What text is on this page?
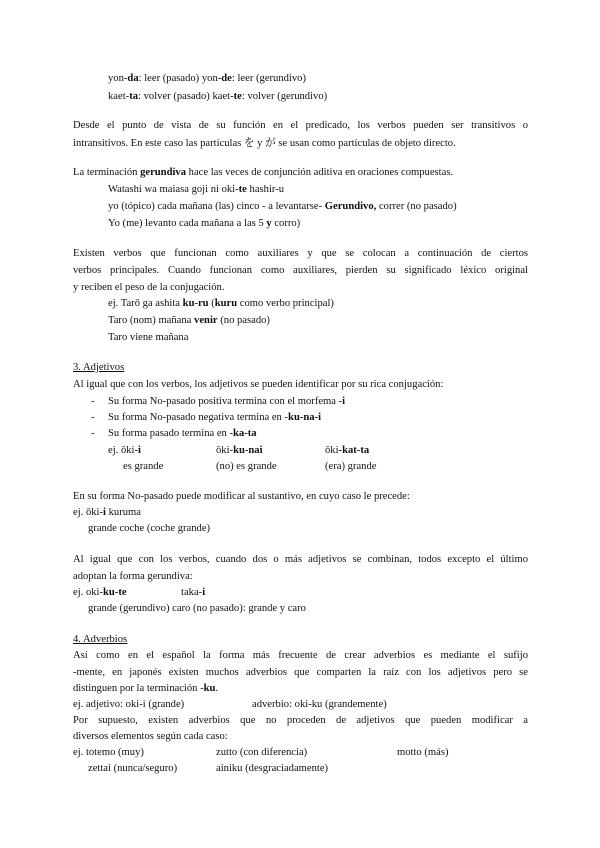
yon-da: leer (pasado) yon-de: leer (gerundivo)
kaet-ta: volver (pasado) kaet-te: volver (gerundivo)
Desde el punto de vista de su función en el predicado, los verbos pueden ser transitivos o
intransitivos. En este caso las partículas を y が se usan como partículas de objeto directo.
La terminación gerundiva hace las veces de conjunción aditiva en oraciones compuestas.
Watashi wa maiasa goji ni oki-te hashir-u
yo (tópico) cada mañana (las) cinco - a levantarse- Gerundivo, correr (no pasado)
Yo (me) levanto cada mañana a las 5 y corro)
Existen verbos que funcionan como auxiliares y que se colocan a continuación de ciertos
verbos principales. Cuando funcionan como auxiliares, pierden su significado léxico original
y reciben el peso de la conjugación.
ej. Tarō ga ashita ku-ru (kuru como verbo principal)
Taro (nom) mañana venir (no pasado)
Taro viene mañana
3. Adjetivos
Al igual que con los verbos, los adjetivos se pueden identificar por su rica conjugación:
- Su forma No-pasado positiva termina con el morfema -i
- Su forma No-pasado negativa termina en -ku-na-i
- Su forma pasado termina en -ka-ta
ej. ōki-i	ōki-ku-nai	ōki-kat-ta
es grande	(no) es grande	(era) grande
En su forma No-pasado puede modificar al sustantivo, en cuyo caso le precede:
ej. ōki-i kuruma
grande coche (coche grande)
Al igual que con los verbos, cuando dos o más adjetivos se combinan, todos excepto el último
adoptan la forma gerundiva:
ej. oki-ku-te	taka-i
grande (gerundivo) caro (no pasado): grande y caro
4. Adverbios
Así como en el español la forma más frecuente de crear adverbios es mediante el sufijo
-mente, en japonés existen muchos adverbios que comparten la raíz con los adjetivos pero se
distinguen por la terminación -ku.
ej. adjetivo: oki-i (grande)	adverbio: oki-ku (grandemente)
Por supuesto, existen adverbios que no proceden de adjetivos que pueden modificar a
diversos elementos según cada caso:
ej. totemo (muy)	zutto (con diferencia)	motto (más)
zettai (nunca/seguro)	ainiku (desgraciadamente)
